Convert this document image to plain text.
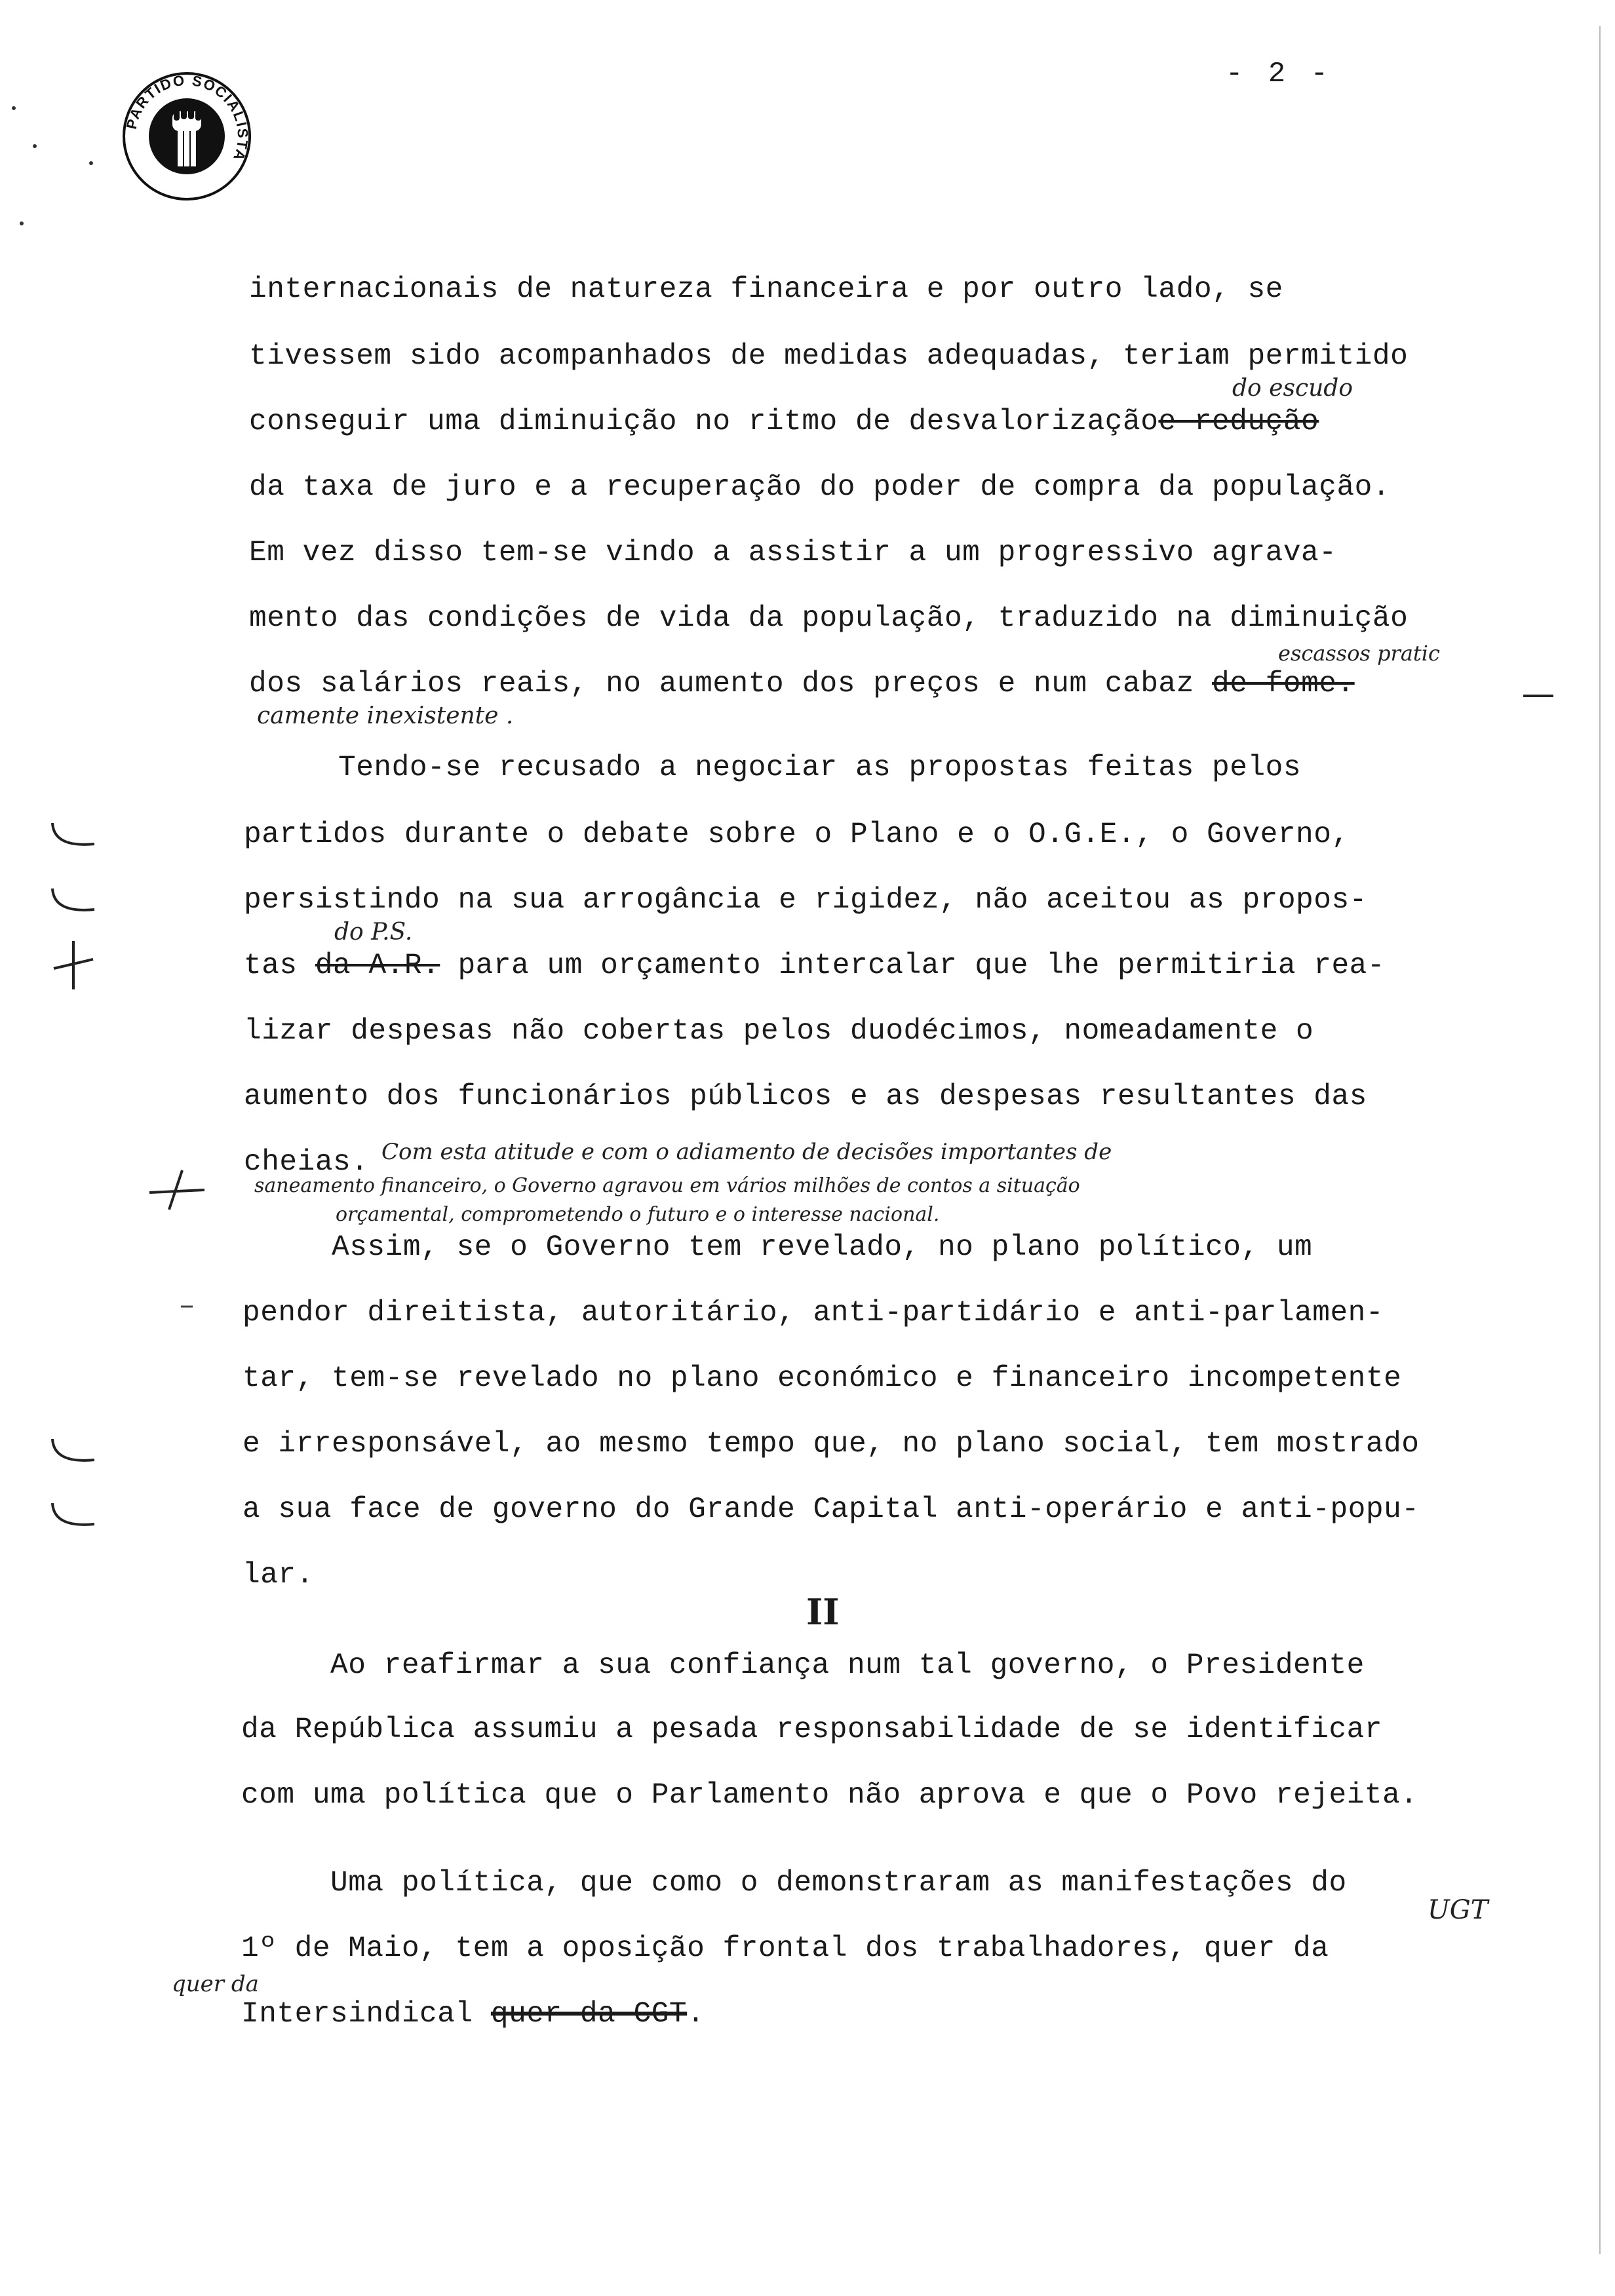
- 2 -
PARTIDO SOCIALISTA
internacionais de natureza financeira e por outro lado, se
tivessem sido acompanhados de medidas adequadas, teriam permitido
conseguir uma diminuição no ritmo de desvalorizaçãoe redução
da taxa de juro e a recuperação do poder de compra da população.
Em vez disso tem-se vindo a assistir a um progressivo agrava-
mento das condições de vida da população, traduzido na diminuição
dos salários reais, no aumento dos preços e num cabaz de fome.
Tendo-se recusado a negociar as propostas feitas pelos
partidos durante o debate sobre o Plano e o O.G.E., o Governo,
persistindo na sua arrogância e rigidez, não aceitou as propos-
tas da A.R. para um orçamento intercalar que lhe permitiria rea-
lizar despesas não cobertas pelos duodécimos, nomeadamente o
aumento dos funcionários públicos e as despesas resultantes das
cheias.
Assim, se o Governo tem revelado, no plano político, um
pendor direitista, autoritário, anti-partidário e anti-parlamen-
tar, tem-se revelado no plano económico e financeiro incompetente
e irresponsável, ao mesmo tempo que, no plano social, tem mostrado
a sua face de governo do Grande Capital anti-operário e anti-popu-
lar.
II
Ao reafirmar a sua confiança num tal governo, o Presidente
da República assumiu a pesada responsabilidade de se identificar
com uma política que o Parlamento não aprova e que o Povo rejeita.
Uma política, que como o demonstraram as manifestações do
1º de Maio, tem a oposição frontal dos trabalhadores, quer da
Intersindical quer da CGT.
do escudo
escassos pratic
camente inexistente .
do P.S.
Com esta atitude e com o adiamento de decisões importantes de
saneamento financeiro, o Governo agravou em vários milhões de contos a situação
orçamental, comprometendo o futuro e o interesse nacional.
UGT
quer da
